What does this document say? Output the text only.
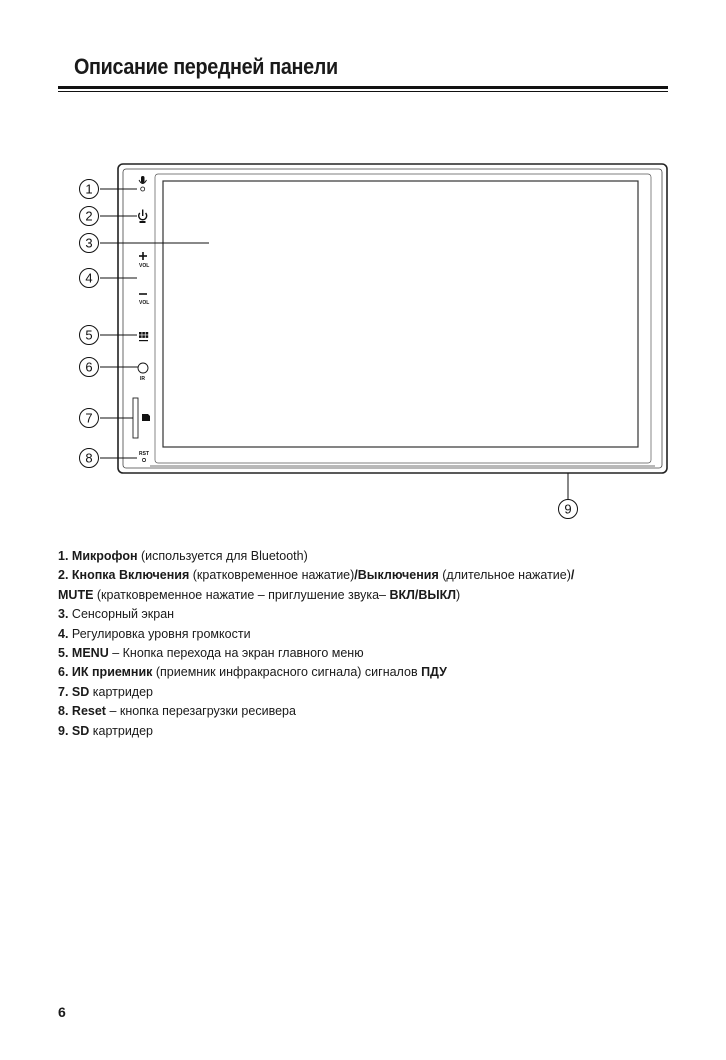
Описание передней панели
VOL
VOL
IR
RST
1
2
3
4
5
6
7
8
9

1. Микрофон (используется для Bluetooth)

2. Кнопка Включения (кратковременное нажатие)/Выключения (длительное нажатие)/

MUTE (кратковременное нажатие – приглушение звука– ВКЛ/ВЫКЛ)

3. Сенсорный экран

4. Регулировка уровня громкости

5. MENU – Кнопка перехода на экран главного меню

6. ИК приемник (приемник инфракрасного сигнала) сигналов ПДУ

7. SD картридер

8. Reset – кнопка перезагрузки ресивера

9. SD картридер

6
